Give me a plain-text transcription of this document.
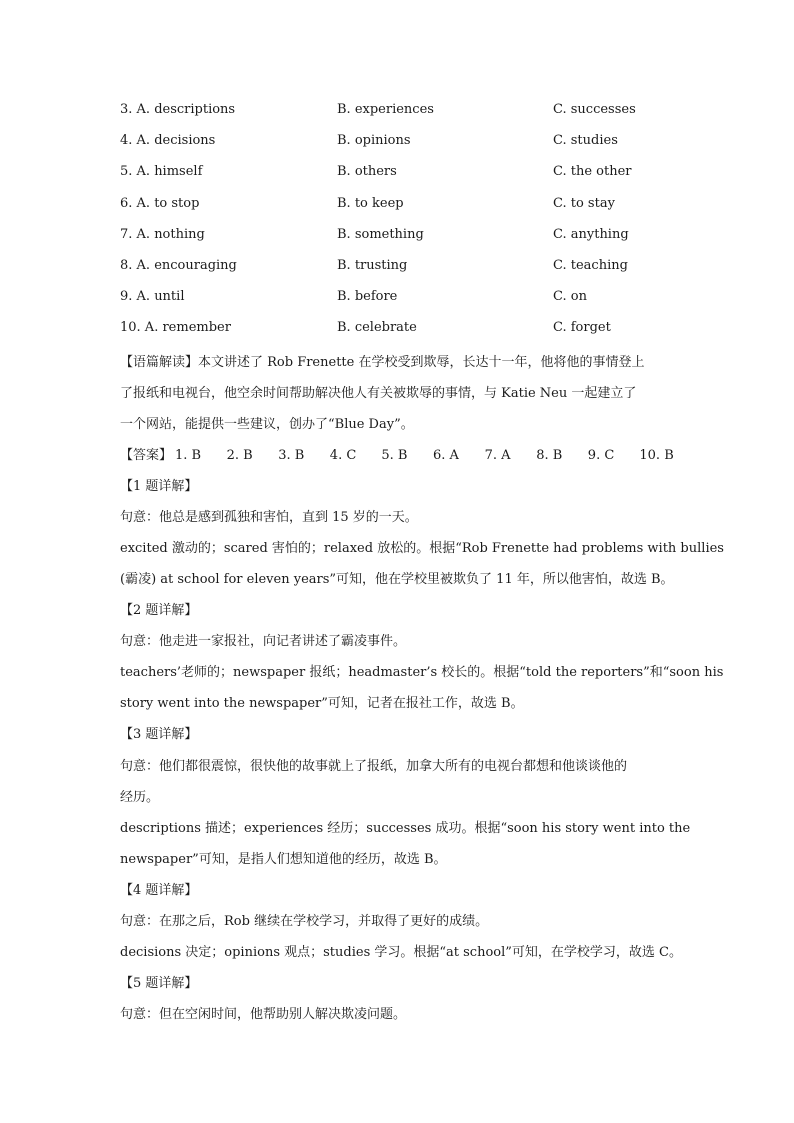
3. A. descriptions	B. experiences	C. successes
4. A. decisions	B. opinions	C. studies
5. A. himself	B. others	C. the other
6. A. to stop	B. to keep	C. to stay
7. A. nothing	B. something	C. anything
8. A. encouraging	B. trusting	C. teaching
9. A. until	B. before	C. on
10. A. remember	B. celebrate	C. forget
【语篇解读】本文讲述了 Rob Frenette 在学校受到欺辱，长达十一年，他将他的事情登上
了报纸和电视台，他空余时间帮助解决他人有关被欺辱的事情，与 Katie Neu 一起建立了
一个网站，能提供一些建议，创办了“Blue Day”。
【答案】 1. B 2. B 3. B 4. C 5. B 6. A 7. A 8. B 9. C 10. B
【1 题详解】
句意：他总是感到孤独和害怕，直到 15 岁的一天。
excited 激动的；scared 害怕的；relaxed 放松的。根据“Rob Frenette had problems with bullies
(霸凌) at school for eleven years”可知，他在学校里被欺负了 11 年，所以他害怕，故选 B。
【2 题详解】
句意：他走进一家报社，向记者讲述了霸凌事件。
teachers’老师的；newspaper 报纸；headmaster’s 校长的。根据“told the reporters”和“soon his
story went into the newspaper”可知，记者在报社工作，故选 B。
【3 题详解】
句意：他们都很震惊，很快他的故事就上了报纸，加拿大所有的电视台都想和他谈谈他的
经历。
descriptions 描述；experiences 经历；successes 成功。根据“soon his story went into the
newspaper”可知，是指人们想知道他的经历，故选 B。
【4 题详解】
句意：在那之后，Rob 继续在学校学习，并取得了更好的成绩。
decisions 决定；opinions 观点；studies 学习。根据“at school”可知，在学校学习，故选 C。
【5 题详解】
句意：但在空闲时间，他帮助别人解决欺凌问题。
